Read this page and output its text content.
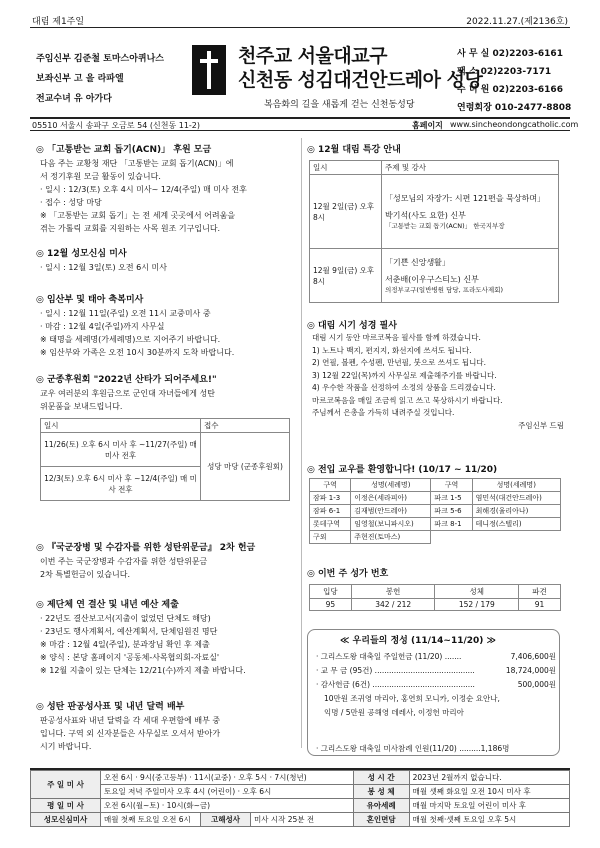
대림 제1주일	2022.11.27.(제2136호)
주임신부 김준철 토마스아퀴나스
보좌신부 고 을 라파엘
전교수녀 유 아가다
천주교 서울대교구
신천동 성김대건안드레아 성당
복음화의 길을 새롭게 걷는 신천동성당
사 무 실 02)2203-6161
팩 스 02)2203-7171
수 녀 원 02)2203-6166
연령회장 010-2477-8808
05510 서울시 송파구 오금로 54 (신천동 11-2)	홈페이지 www.sincheondongcatholic.com
◎ 「고통받는 교회 돕기(ACN)」 후원 모금
다음 주는 교황청 재단 「고통받는 교회 돕기(ACN)」에
서 정기후원 모금 활동이 있습니다.
· 일시 : 12/3(토) 오후 4시 미사~ 12/4(주일) 매 미사 전후
· 접수 : 성당 마당
※ 「고통받는 교회 돕기」는 전 세계 곳곳에서 어려움을
겪는 가톨릭 교회를 지원하는 사목 원조 기구입니다.
◎ 12월 성모신심 미사
· 일시 : 12월 3일(토) 오전 6시 미사
◎ 임산부 및 태아 축복미사
· 일시 : 12월 11일(주일) 오전 11시 교중미사 중
· 마감 : 12월 4일(주일)까지 사무실
※ 태명을 세례명(가세례명)으로 지어주기 바랍니다.
※ 임산부와 가족은 오전 10시 30분까지 도착 바랍니다.
◎ 군종후원회 "2022년 산타가 되어주세요!"
교우 여러분의 후원금으로 군인대 자녀들에게 성탄
위문품을 보내드립니다.
일시	접수
11/26(토) 오후 6시 미사 후 ~11/27(주일) 매 미사 전후	성당 마당 (군종후원회)
12/3(토) 오후 6시 미사 후 ~12/4(주일) 매 미사 전후	
◎ 『국군장병 및 수감자를 위한 성탄위문금』 2차 헌금
이번 주는 국군장병과 수감자를 위한 성탄위문금
2차 특별헌금이 있습니다.
◎ 제단체 연 결산 및 내년 예산 제출
· 22년도 결산보고서(지출이 없었던 단체도 해당)
· 23년도 행사계획서, 예산계획서, 단체임원진 명단
※ 마감 : 12월 4일(주일), 분과장님 확인 후 제출
※ 양식 : 본당 홈페이지 '공동체-사목협의회-자료실'
※ 12월 지출이 있는 단체는 12/21(수)까지 제출 바랍니다.
◎ 성탄 판공성사표 및 내년 달력 배부
판공성사표와 내년 달력을 각 세대 우편함에 배부 중
입니다. 구역 외 신자분들은 사무실로 오셔서 받아가
시기 바랍니다.
◎ 12월 대림 특강 안내
일시	주제 및 강사
12월 2일(금) 오후 8시	「성모님의 자장가: 시편 121편을 묵상하며」
박기석(사도 요한) 신부
「고통받는 교회 돕기(ACN)」 한국지부장

12월 9일(금) 오후 8시	「기쁜 신앙생활」
서춘배(이우구스티노) 신부
의정부교구(일반병원 담당, 프라도사제회)
◎ 대림 시기 성경 필사
대림 시기 동안 마르코복음 필사를 함께 하겠습니다.
1) 노트나 백지, 편지지, 화선지에 쓰셔도 됩니다.
2) 연필, 볼펜, 수성펜, 만년필, 붓으로 쓰셔도 됩니다.
3) 12월 22일(목)까지 사무실로 제출해주기를 바랍니다.
4) 우수한 작품을 선정하여 소정의 상품을 드리겠습니다.
마르코복음을 매일 조금씩 읽고 쓰고 묵상하시기 바랍니다.
주님께서 은총을 가득히 내려주실 것입니다.
주임신부 드림
◎ 전입 교우를 환영합니다! (10/17 ~ 11/20)
구역	성명(세례명)	구역	성명(세례명)
잠파 1-3	이정은(세라피아)	파크 1-5	염민석(대건안드레아)
잠파 6-1	김재범(안드레아)	파크 5-6	최해경(율리아나)
롯데구역	임영철(보니파시오)	파크 8-1	테니정(스텔리)
구외	주현진(토마스)		
◎ 이번 주 성가 번호
입당	봉헌	성체	파견
95	342 / 212	152 / 179	91
≪ 우리들의 정성 (11/14~11/20) ≫
· 그리스도왕 대축일 주일헌금 (11/20) .......	7,406,600원
· 교 무 금 (95건) ..........................................	18,724,000원
· 감사헌금 (6건) ...........................................	500,000원
10만원 조귀영 마리아, 홍연희 모니카, 이정순 요안나,
익명 / 5만원 공해영 데레사, 이정헌 마리아
· 그리스도왕 대축일 미사참례 인원(11/20) .........1,186명
주 일 미 사	오전 6시 · 9시(중고등부) · 11시(교중) · 오후 5시 · 7시(청년)			성 시 간	2023년 2월까지 없습니다.
	토요일 저녁 주일미사 오후 4시 (어린이) · 오후 6시			봉 성 체	매월 셋째 화요일 오전 10시 미사 후
평 일 미 사	오전 6시(월~토) · 10시(화~금)			유아세례	매월 마지막 토요일 어린이 미사 후
성모신심미사	매월 첫째 토요일 오전 6시	고해성사	미사 시작 25분 전	혼인면담	매월 첫째·셋째 토요일 오후 5시
